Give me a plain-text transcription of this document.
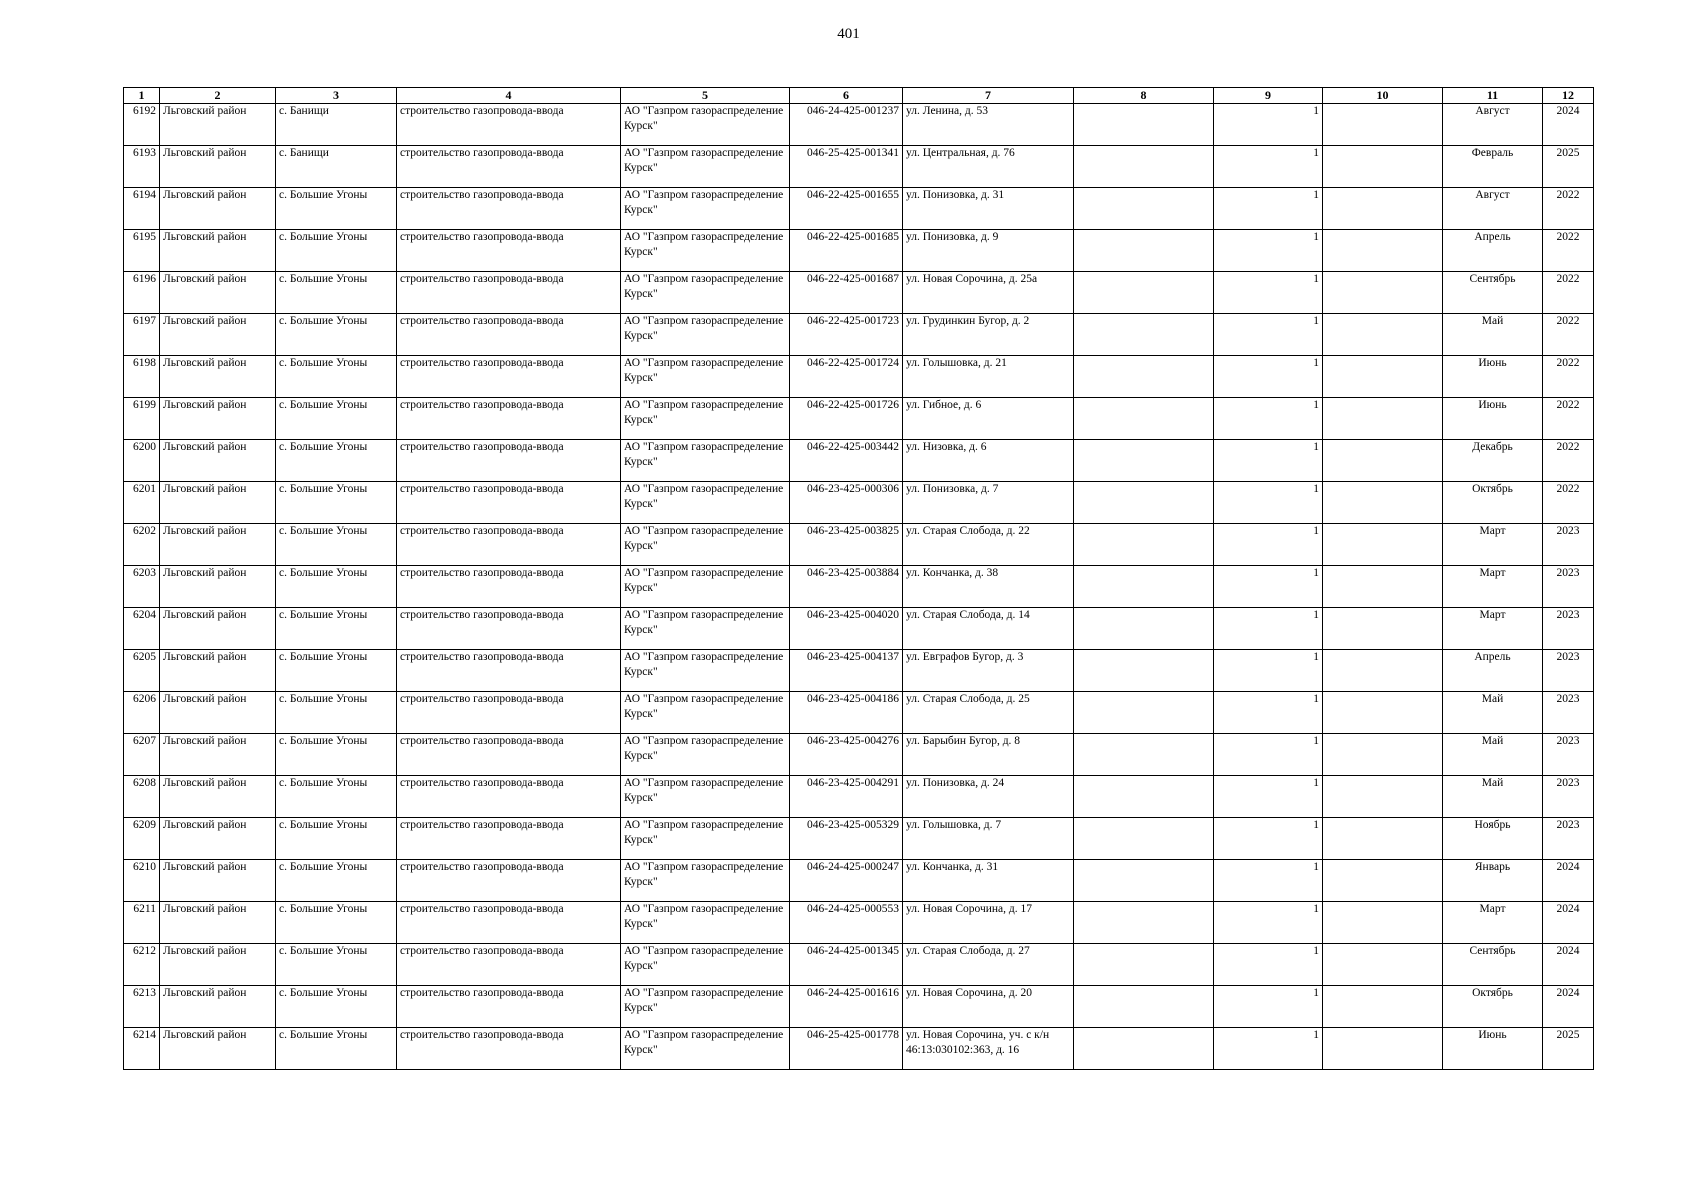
401
1	2	3	4	5	6	7	8	9	10	11	12
6192	Льговский район	с. Банищи	строительство газопровода-ввода	АО "Газпром газораспределение Курск"	046-24-425-001237	ул. Ленина, д. 53		1		Август	2024
6193	Льговский район	с. Банищи	строительство газопровода-ввода	АО "Газпром газораспределение Курск"	046-25-425-001341	ул. Центральная, д. 76		1		Февраль	2025
6194	Льговский район	с. Большие Угоны	строительство газопровода-ввода	АО "Газпром газораспределение Курск"	046-22-425-001655	ул. Понизовка, д. 31		1		Август	2022
6195	Льговский район	с. Большие Угоны	строительство газопровода-ввода	АО "Газпром газораспределение Курск"	046-22-425-001685	ул. Понизовка, д. 9		1		Апрель	2022
6196	Льговский район	с. Большие Угоны	строительство газопровода-ввода	АО "Газпром газораспределение Курск"	046-22-425-001687	ул. Новая Сорочина, д. 25а		1		Сентябрь	2022
6197	Льговский район	с. Большие Угоны	строительство газопровода-ввода	АО "Газпром газораспределение Курск"	046-22-425-001723	ул. Грудинкин Бугор, д. 2		1		Май	2022
6198	Льговский район	с. Большие Угоны	строительство газопровода-ввода	АО "Газпром газораспределение Курск"	046-22-425-001724	ул. Голышовка, д. 21		1		Июнь	2022
6199	Льговский район	с. Большие Угоны	строительство газопровода-ввода	АО "Газпром газораспределение Курск"	046-22-425-001726	ул. Гибное, д. 6		1		Июнь	2022
6200	Льговский район	с. Большие Угоны	строительство газопровода-ввода	АО "Газпром газораспределение Курск"	046-22-425-003442	ул. Низовка, д. 6		1		Декабрь	2022
6201	Льговский район	с. Большие Угоны	строительство газопровода-ввода	АО "Газпром газораспределение Курск"	046-23-425-000306	ул. Понизовка, д. 7		1		Октябрь	2022
6202	Льговский район	с. Большие Угоны	строительство газопровода-ввода	АО "Газпром газораспределение Курск"	046-23-425-003825	ул. Старая Слобода, д. 22		1		Март	2023
6203	Льговский район	с. Большие Угоны	строительство газопровода-ввода	АО "Газпром газораспределение Курск"	046-23-425-003884	ул. Кончанка, д. 38		1		Март	2023
6204	Льговский район	с. Большие Угоны	строительство газопровода-ввода	АО "Газпром газораспределение Курск"	046-23-425-004020	ул. Старая Слобода, д. 14		1		Март	2023
6205	Льговский район	с. Большие Угоны	строительство газопровода-ввода	АО "Газпром газораспределение Курск"	046-23-425-004137	ул. Евграфов Бугор, д. 3		1		Апрель	2023
6206	Льговский район	с. Большие Угоны	строительство газопровода-ввода	АО "Газпром газораспределение Курск"	046-23-425-004186	ул. Старая Слобода, д. 25		1		Май	2023
6207	Льговский район	с. Большие Угоны	строительство газопровода-ввода	АО "Газпром газораспределение Курск"	046-23-425-004276	ул. Барыбин Бугор, д. 8		1		Май	2023
6208	Льговский район	с. Большие Угоны	строительство газопровода-ввода	АО "Газпром газораспределение Курск"	046-23-425-004291	ул. Понизовка, д. 24		1		Май	2023
6209	Льговский район	с. Большие Угоны	строительство газопровода-ввода	АО "Газпром газораспределение Курск"	046-23-425-005329	ул. Голышовка, д. 7		1		Ноябрь	2023
6210	Льговский район	с. Большие Угоны	строительство газопровода-ввода	АО "Газпром газораспределение Курск"	046-24-425-000247	ул. Кончанка, д. 31		1		Январь	2024
6211	Льговский район	с. Большие Угоны	строительство газопровода-ввода	АО "Газпром газораспределение Курск"	046-24-425-000553	ул. Новая Сорочина, д. 17		1		Март	2024
6212	Льговский район	с. Большие Угоны	строительство газопровода-ввода	АО "Газпром газораспределение Курск"	046-24-425-001345	ул. Старая Слобода, д. 27		1		Сентябрь	2024
6213	Льговский район	с. Большие Угоны	строительство газопровода-ввода	АО "Газпром газораспределение Курск"	046-24-425-001616	ул. Новая Сорочина, д. 20		1		Октябрь	2024
6214	Льговский район	с. Большие Угоны	строительство газопровода-ввода	АО "Газпром газораспределение Курск"	046-25-425-001778	ул. Новая Сорочина, уч. с к/н 46:13:030102:363, д. 16		1		Июнь	2025
